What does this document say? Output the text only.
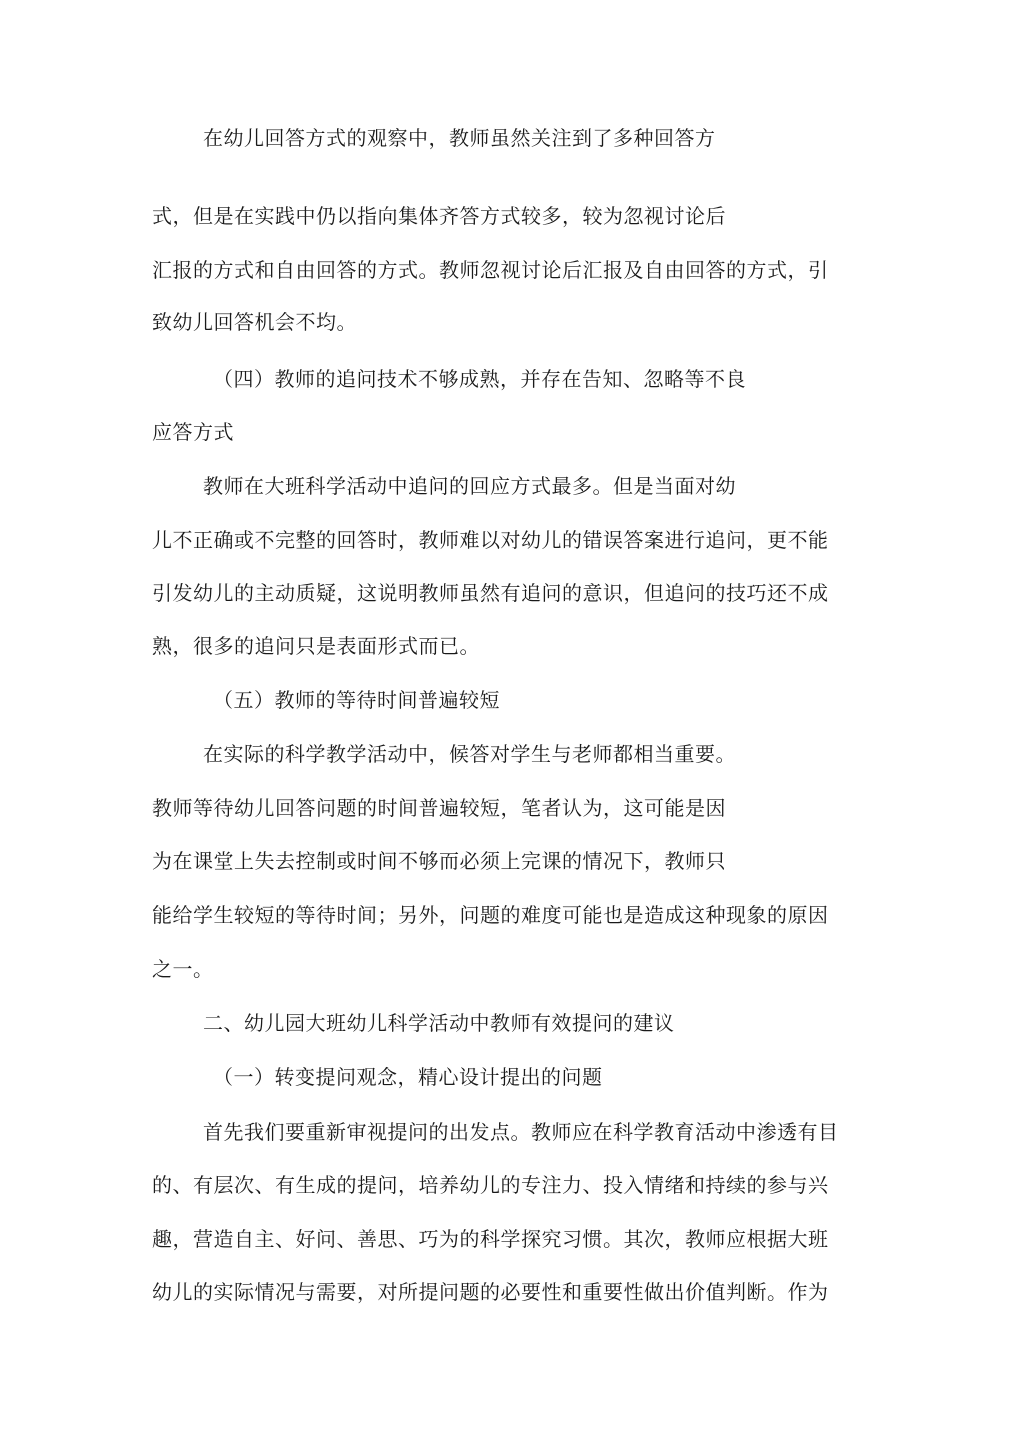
在幼儿回答方式的观察中，教师虽然关注到了多种回答方
式，但是在实践中仍以指向集体齐答方式较多，较为忽视讨论后
汇报的方式和自由回答的方式。教师忽视讨论后汇报及自由回答的方式，引
致幼儿回答机会不均。
（四）教师的追问技术不够成熟，并存在告知、忽略等不良
应答方式
教师在大班科学活动中追问的回应方式最多。但是当面对幼
儿不正确或不完整的回答时，教师难以对幼儿的错误答案进行追问，更不能
引发幼儿的主动质疑，这说明教师虽然有追问的意识，但追问的技巧还不成
熟，很多的追问只是表面形式而已。
（五）教师的等待时间普遍较短
在实际的科学教学活动中，候答对学生与老师都相当重要。
教师等待幼儿回答问题的时间普遍较短，笔者认为，这可能是因
为在课堂上失去控制或时间不够而必须上完课的情况下，教师只
能给学生较短的等待时间；另外，问题的难度可能也是造成这种现象的原因
之一。
二、幼儿园大班幼儿科学活动中教师有效提问的建议
（一）转变提问观念，精心设计提出的问题
首先我们要重新审视提问的出发点。教师应在科学教育活动中渗透有目
的、有层次、有生成的提问，培养幼儿的专注力、投入情绪和持续的参与兴
趣，营造自主、好问、善思、巧为的科学探究习惯。其次，教师应根据大班
幼儿的实际情况与需要，对所提问题的必要性和重要性做出价值判断。作为
